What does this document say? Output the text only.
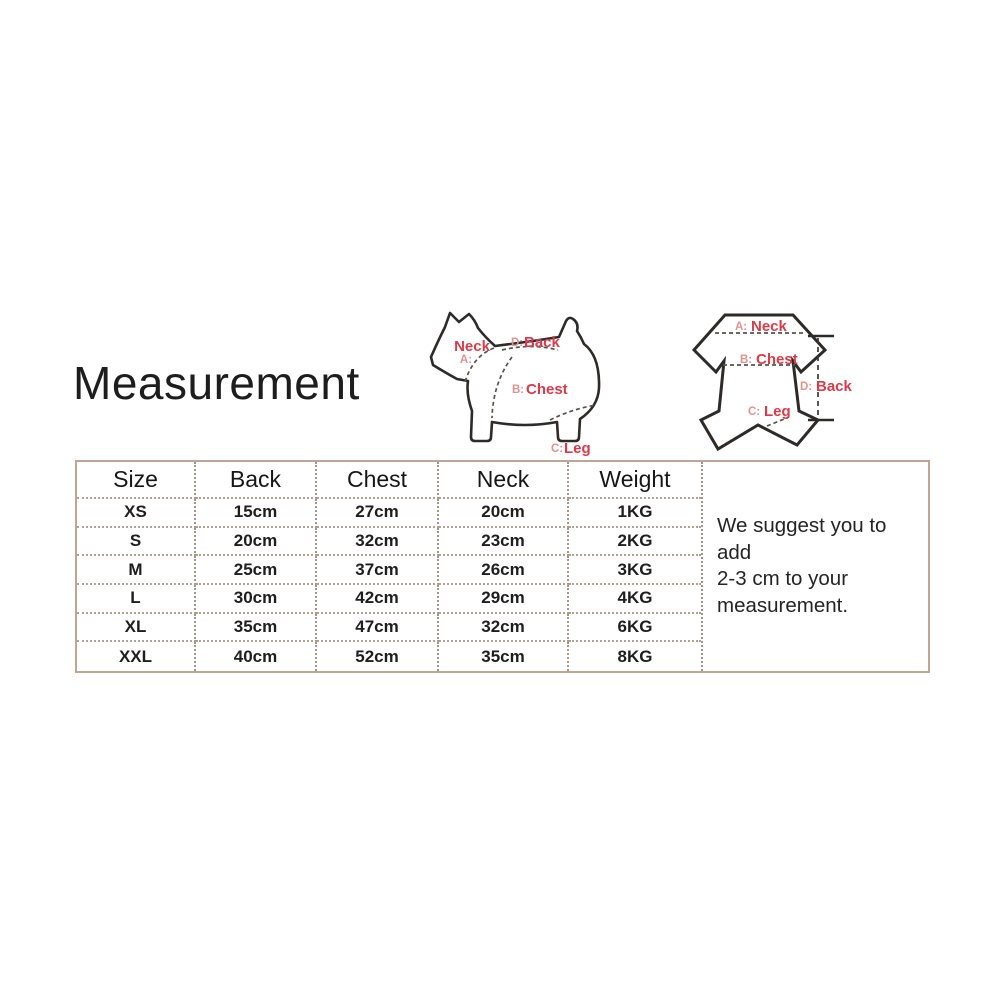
Measurement
Neck
A:
D: Back
B: Chest
C: Leg
A: Neck
B: Chest
D: Back
C: Leg
We suggest you to add
2-3 cm to your
measurement.
Size	Back	Chest	Neck	Weight
XS	15cm	27cm	20cm	1KG
S	20cm	32cm	23cm	2KG
M	25cm	37cm	26cm	3KG
L	30cm	42cm	29cm	4KG
XL	35cm	47cm	32cm	6KG
XXL	40cm	52cm	35cm	8KG
